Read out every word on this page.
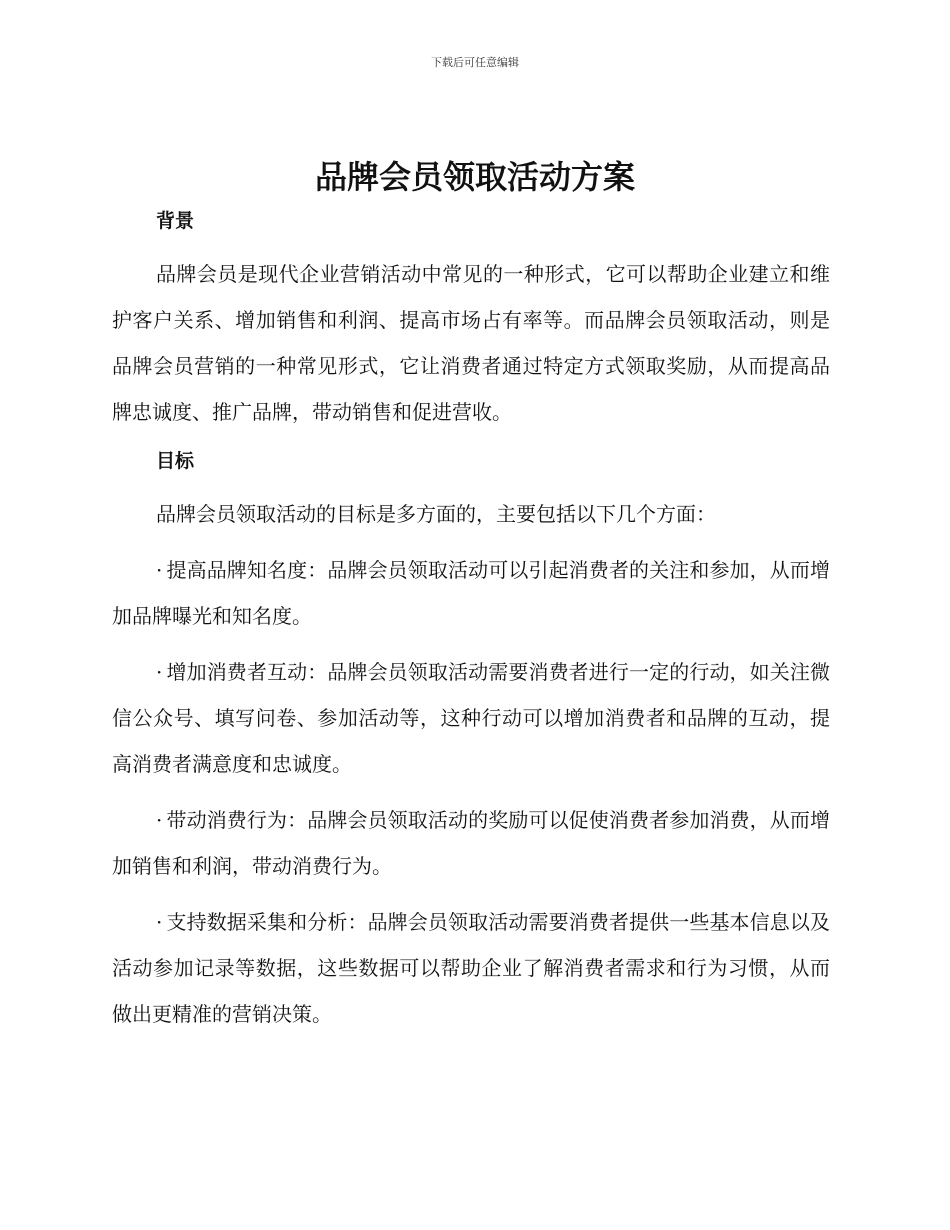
下载后可任意编辑
品牌会员领取活动方案
背景

品牌会员是现代企业营销活动中常见的一种形式，它可以帮助企业建立和维护客户关系、增加销售和利润、提高市场占有率等。而品牌会员领取活动，则是品牌会员营销的一种常见形式，它让消费者通过特定方式领取奖励，从而提高品牌忠诚度、推广品牌，带动销售和促进营收。

目标

品牌会员领取活动的目标是多方面的，主要包括以下几个方面：

· 提高品牌知名度：品牌会员领取活动可以引起消费者的关注和参加，从而增加品牌曝光和知名度。

· 增加消费者互动：品牌会员领取活动需要消费者进行一定的行动，如关注微信公众号、填写问卷、参加活动等，这种行动可以增加消费者和品牌的互动，提高消费者满意度和忠诚度。

· 带动消费行为：品牌会员领取活动的奖励可以促使消费者参加消费，从而增加销售和利润，带动消费行为。

· 支持数据采集和分析：品牌会员领取活动需要消费者提供一些基本信息以及活动参加记录等数据，这些数据可以帮助企业了解消费者需求和行为习惯，从而做出更精准的营销决策。
